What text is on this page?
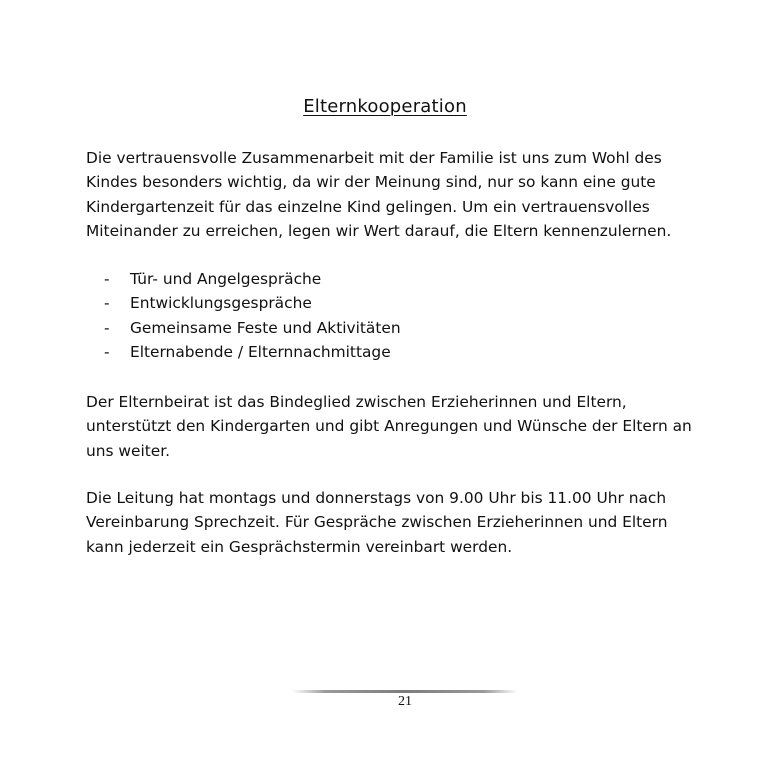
Elternkooperation

Die vertrauensvolle Zusammenarbeit mit der Familie ist uns zum Wohl des
Kindes besonders wichtig, da wir der Meinung sind, nur so kann eine gute
Kindergartenzeit für das einzelne Kind gelingen. Um ein vertrauensvolles
Miteinander zu erreichen, legen wir Wert darauf, die Eltern kennenzulernen.

-	Tür- und Angelgespräche
-	Entwicklungsgespräche
-	Gemeinsame Feste und Aktivitäten
-	Elternabende / Elternnachmittage

Der Elternbeirat ist das Bindeglied zwischen Erzieherinnen und Eltern,
unterstützt den Kindergarten und gibt Anregungen und Wünsche der Eltern an
uns weiter.

Die Leitung hat montags und donnerstags von 9.00 Uhr bis 11.00 Uhr nach
Vereinbarung Sprechzeit. Für Gespräche zwischen Erzieherinnen und Eltern
kann jederzeit ein Gesprächstermin vereinbart werden.

21
